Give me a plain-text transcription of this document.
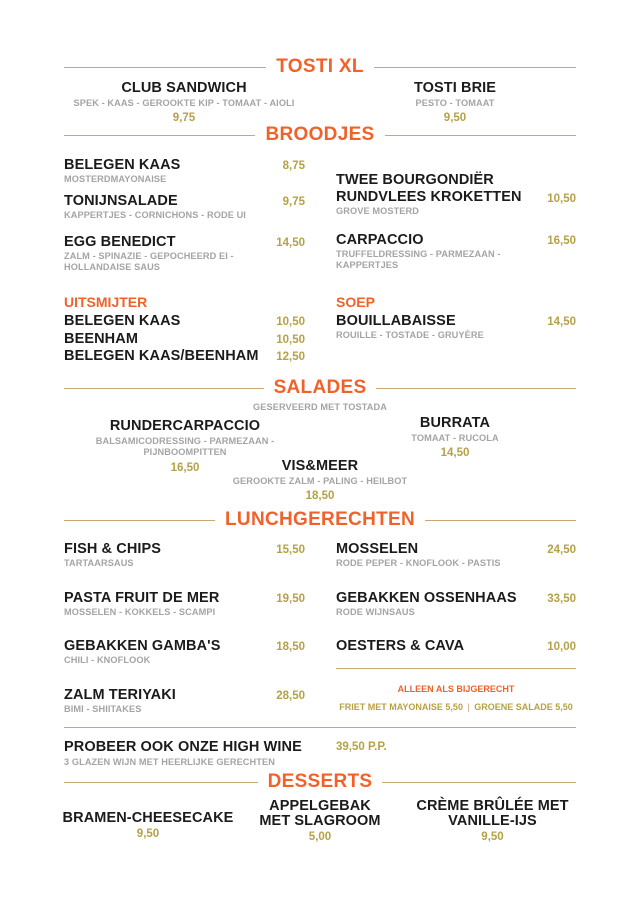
TOSTI XL
CLUB SANDWICH
SPEK - KAAS - GEROOKTE KIP - TOMAAT - AIOLI
9,75
TOSTI BRIE
PESTO - TOMAAT
9,50
BROODJES
BELEGEN KAAS
MOSTERDMAYONAISE
8,75
TONIJNSALADE
KAPPERTJES - CORNICHONS - RODE UI
9,75
EGG BENEDICT
ZALM - SPINAZIE - GEPOCHEERD EI -
HOLLANDAISE SAUS
14,50
TWEE BOURGONDIËR
RUNDVLEES KROKETTEN
GROVE MOSTERD
10,50
CARPACCIO
TRUFFELDRESSING - PARMEZAAN -
KAPPERTJES
16,50
UITSMIJTER
BELEGEN KAAS	10,50
BEENHAM	10,50
BELEGEN KAAS/BEENHAM	12,50
SOEP
BOUILLABAISSE
ROUILLE - TOSTADE - GRUYÈRE
14,50
SALADES
GESERVEERD MET TOSTADA
RUNDERCARPACCIO
BALSAMICODRESSING - PARMEZAAN -
PIJNBOOMPITTEN
16,50
BURRATA
TOMAAT - RUCOLA
14,50
VIS&MEER
GEROOKTE ZALM - PALING - HEILBOT
18,50
LUNCHGERECHTEN
FISH & CHIPS
TARTAARSAUS
15,50
PASTA FRUIT DE MER
MOSSELEN - KOKKELS - SCAMPI
19,50
GEBAKKEN GAMBA'S
CHILI - KNOFLOOK
18,50
ZALM TERIYAKI
BIMI - SHIITAKES
28,50
MOSSELEN
RODE PEPER - KNOFLOOK - PASTIS
24,50
GEBAKKEN OSSENHAAS
RODE WIJNSAUS
33,50
OESTERS & CAVA	10,00
ALLEEN ALS BIJGERECHT
FRIET MET MAYONAISE 5,50 | GROENE SALADE 5,50
PROBEER OOK ONZE HIGH WINE
3 GLAZEN WIJN MET HEERLIJKE GERECHTEN
39,50 P.P.
DESSERTS
BRAMEN-CHEESECAKE
9,50
APPELGEBAK
MET SLAGROOM
5,00
CRÈME BRÛLÉE MET
VANILLE-IJS
9,50
